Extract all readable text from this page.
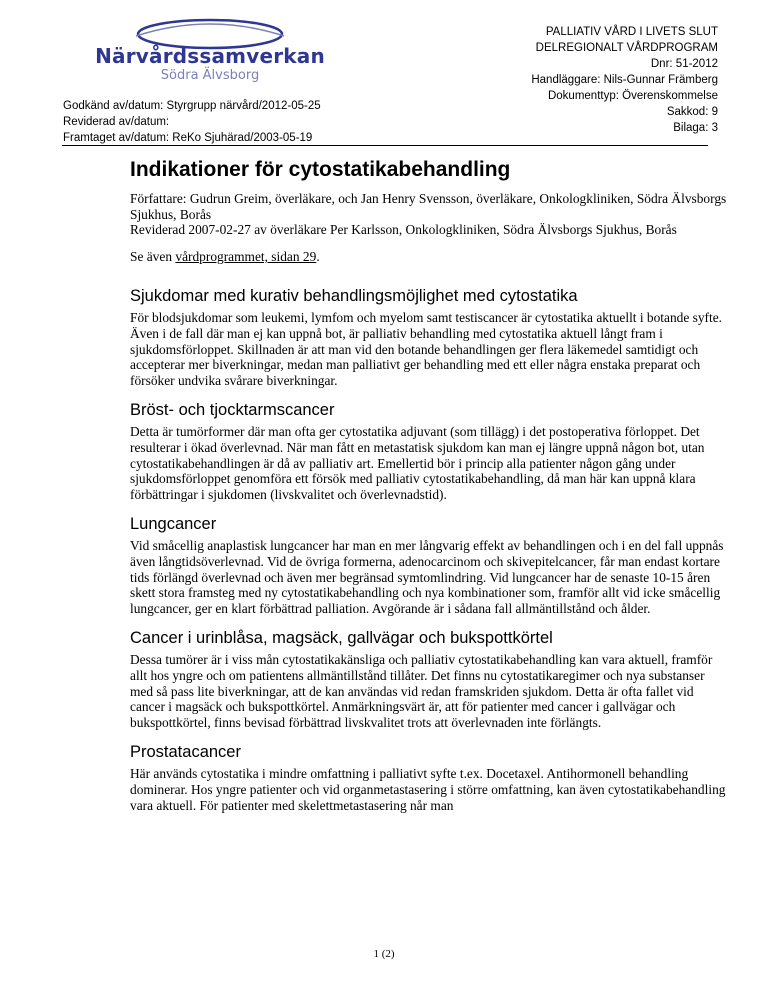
Närvårdssamverkan
Södra Älvsborg
Godkänd av/datum: Styrgrupp närvård/2012-05-25
Reviderad av/datum:
Framtaget av/datum: ReKo Sjuhärad/2003-05-19
PALLIATIV VÅRD I LIVETS SLUT
DELREGIONALT VÅRDPROGRAM
Dnr: 51-2012
Handläggare: Nils-Gunnar Främberg
Dokumenttyp: Överenskommelse
Sakkod: 9
Bilaga: 3
Indikationer för cytostatikabehandling

Författare: Gudrun Greim, överläkare, och Jan Henry Svensson, överläkare, Onkologkliniken, Södra Älvsborgs Sjukhus, Borås

Reviderad 2007-02-27 av överläkare Per Karlsson, Onkologkliniken, Södra Älvsborgs Sjukhus, Borås

Se även vårdprogrammet, sidan 29.

Sjukdomar med kurativ behandlingsmöjlighet med cytostatika

För blodsjukdomar som leukemi, lymfom och myelom samt testiscancer är cytostatika aktuellt i botande syfte. Även i de fall där man ej kan uppnå bot, är palliativ behandling med cytostatika aktuell långt fram i sjukdomsförloppet. Skillnaden är att man vid den botande behandlingen ger flera läkemedel samtidigt och accepterar mer biverkningar, medan man palliativt ger behandling med ett eller några enstaka preparat och försöker undvika svårare biverkningar.

Bröst- och tjocktarmscancer

Detta är tumörformer där man ofta ger cytostatika adjuvant (som tillägg) i det postoperativa förloppet. Det resulterar i ökad överlevnad. När man fått en metastatisk sjukdom kan man ej längre uppnå någon bot, utan cytostatikabehandlingen är då av palliativ art. Emellertid bör i princip alla patienter någon gång under sjukdomsförloppet genomföra ett försök med palliativ cytostatikabehandling, då man här kan uppnå klara förbättringar i sjukdomen (livskvalitet och överlevnadstid).

Lungcancer

Vid småcellig anaplastisk lungcancer har man en mer långvarig effekt av behandlingen och i en del fall uppnås även långtidsöverlevnad. Vid de övriga formerna, adenocarcinom och skivepitelcancer, får man endast kortare tids förlängd överlevnad och även mer begränsad symtomlindring. Vid lungcancer har de senaste 10-15 åren skett stora framsteg med ny cytostatikabehandling och nya kombinationer som, framför allt vid icke småcellig lungcancer, ger en klart förbättrad palliation. Avgörande är i sådana fall allmäntillstånd och ålder.

Cancer i urinblåsa, magsäck, gallvägar och bukspottkörtel

Dessa tumörer är i viss mån cytostatikakänsliga och palliativ cytostatikabehandling kan vara aktuell, framför allt hos yngre och om patientens allmäntillstånd tillåter. Det finns nu cytostatikaregimer och nya substanser med så pass lite biverkningar, att de kan användas vid redan framskriden sjukdom. Detta är ofta fallet vid cancer i magsäck och bukspottkörtel. Anmärkningsvärt är, att för patienter med cancer i gallvägar och bukspottkörtel, finns bevisad förbättrad livskvalitet trots att överlevnaden inte förlängts.

Prostatacancer

Här används cytostatika i mindre omfattning i palliativt syfte t.ex. Docetaxel. Antihormonell behandling dominerar. Hos yngre patienter och vid organmetastasering i större omfattning, kan även cytostatikabehandling vara aktuell. För patienter med skelettmetastasering når man

1 (2)
